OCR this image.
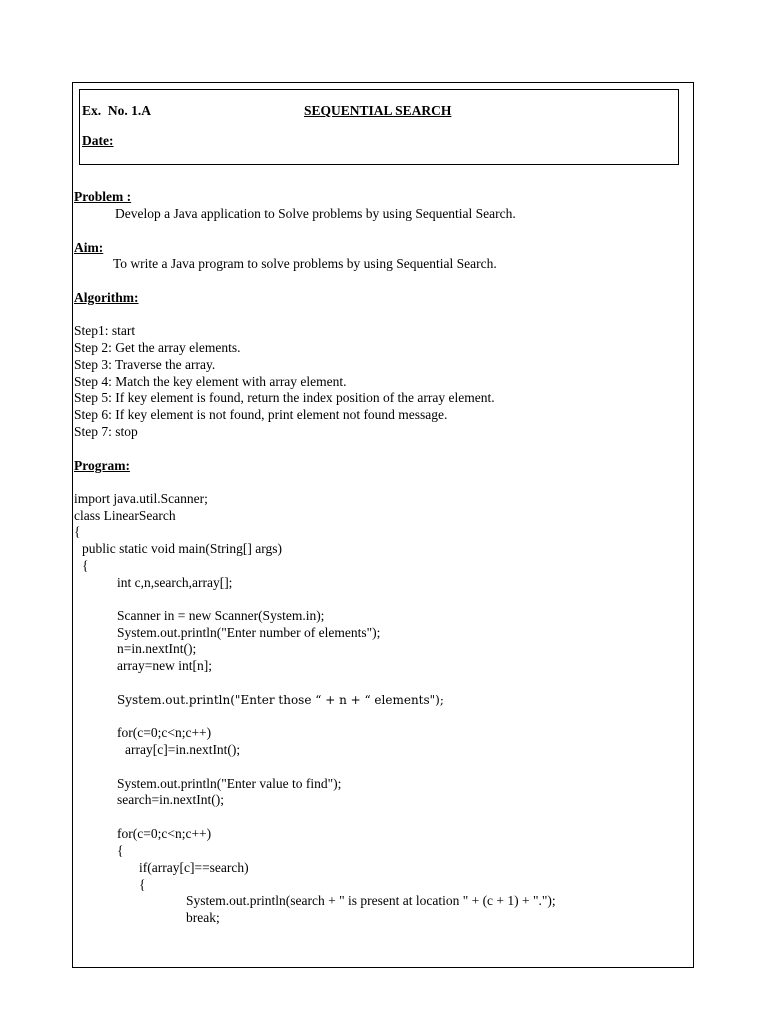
Ex.  No. 1.A	SEQUENTIAL SEARCH
Date:
Problem :
Develop a Java application to Solve problems by using Sequential Search.
Aim:
To write a Java program to solve problems by using Sequential Search.
Algorithm:
Step1: start
Step 2: Get the array elements.
Step 3: Traverse the array.
Step 4: Match the key element with array element.
Step 5: If key element is found, return the index position of the array element.
Step 6: If key element is not found, print element not found message.
Step 7: stop
Program:
import java.util.Scanner;
class LinearSearch
{
public static void main(String[] args)
{
int c,n,search,array[];
Scanner in = new Scanner(System.in);
System.out.println("Enter number of elements");
n=in.nextInt();
array=new int[n];
System.out.println("Enter those “ + n + “ elements");
for(c=0;c<n;c++)
array[c]=in.nextInt();
System.out.println("Enter value to find");
search=in.nextInt();
for(c=0;c<n;c++)
{
if(array[c]==search)
{
System.out.println(search + " is present at location " + (c + 1) + ".");
break;
